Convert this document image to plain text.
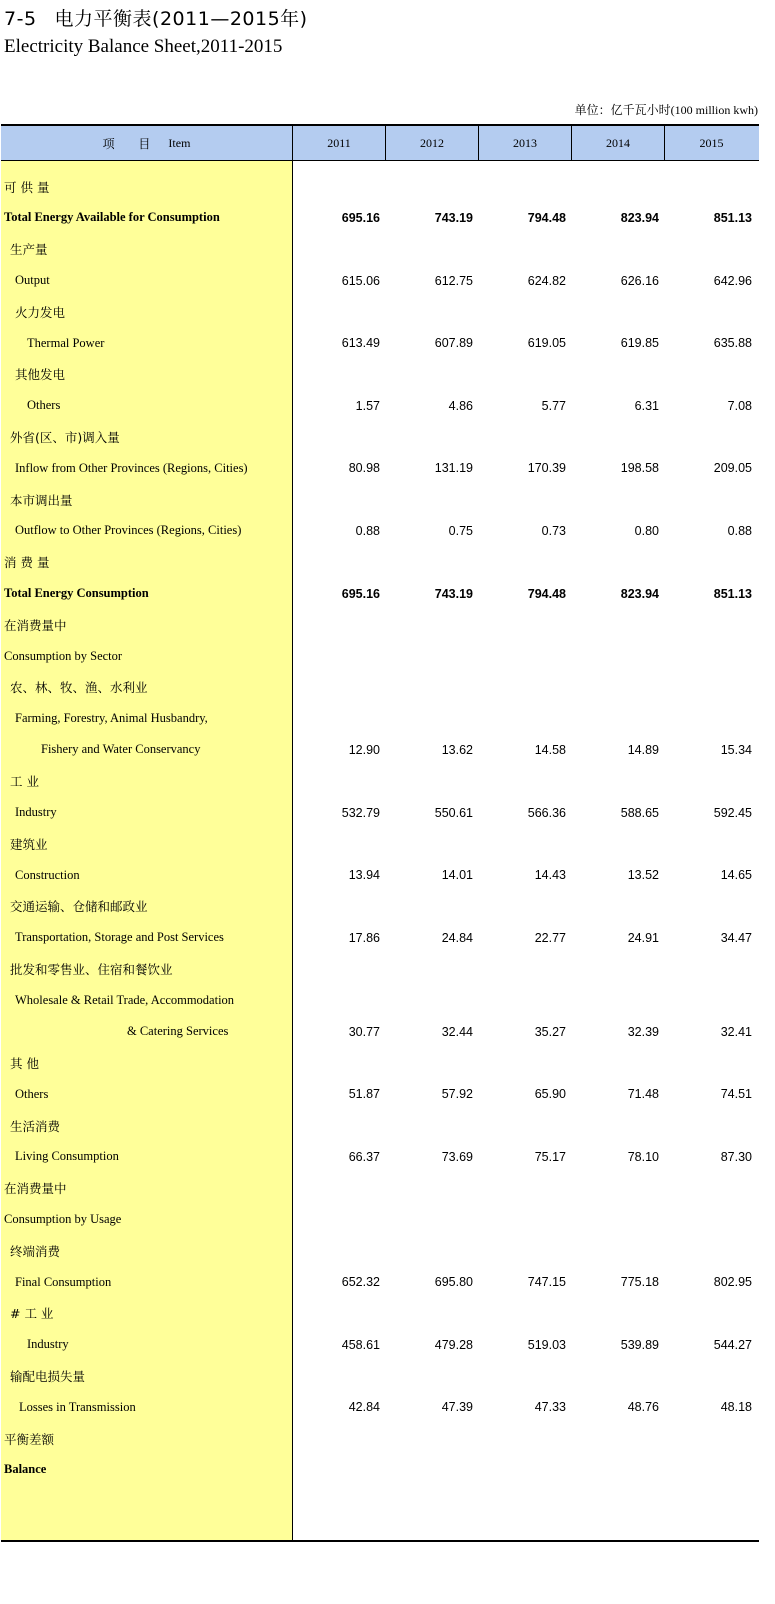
7-5 电力平衡表(2011—2015年)
Electricity Balance Sheet,2011-2015
单位：亿千瓦小时(100 million kwh)
项 目 Item	2011	2012	2013	2014	2015
可 供 量
Total Energy Available for Consumption	695.16	743.19	794.48	823.94	851.13
生产量
Output	615.06	612.75	624.82	626.16	642.96
火力发电
Thermal Power	613.49	607.89	619.05	619.85	635.88
其他发电
Others	1.57	4.86	5.77	6.31	7.08
外省(区、市)调入量
Inflow from Other Provinces (Regions, Cities)	80.98	131.19	170.39	198.58	209.05
本市调出量
Outflow to Other Provinces (Regions, Cities)	0.88	0.75	0.73	0.80	0.88
消 费 量
Total Energy Consumption	695.16	743.19	794.48	823.94	851.13
在消费量中
Consumption by Sector
农、林、牧、渔、水利业
Farming, Forestry, Animal Husbandry,
Fishery and Water Conservancy	12.90	13.62	14.58	14.89	15.34
工 业
Industry	532.79	550.61	566.36	588.65	592.45
建筑业
Construction	13.94	14.01	14.43	13.52	14.65
交通运输、仓储和邮政业
Transportation, Storage and Post Services	17.86	24.84	22.77	24.91	34.47
批发和零售业、住宿和餐饮业
Wholesale & Retail Trade, Accommodation
& Catering Services	30.77	32.44	35.27	32.39	32.41
其 他
Others	51.87	57.92	65.90	71.48	74.51
生活消费
Living Consumption	66.37	73.69	75.17	78.10	87.30
在消费量中
Consumption by Usage
终端消费
Final Consumption	652.32	695.80	747.15	775.18	802.95
# 工 业
Industry	458.61	479.28	519.03	539.89	544.27
输配电损失量
Losses in Transmission	42.84	47.39	47.33	48.76	48.18
平衡差额
Balance
